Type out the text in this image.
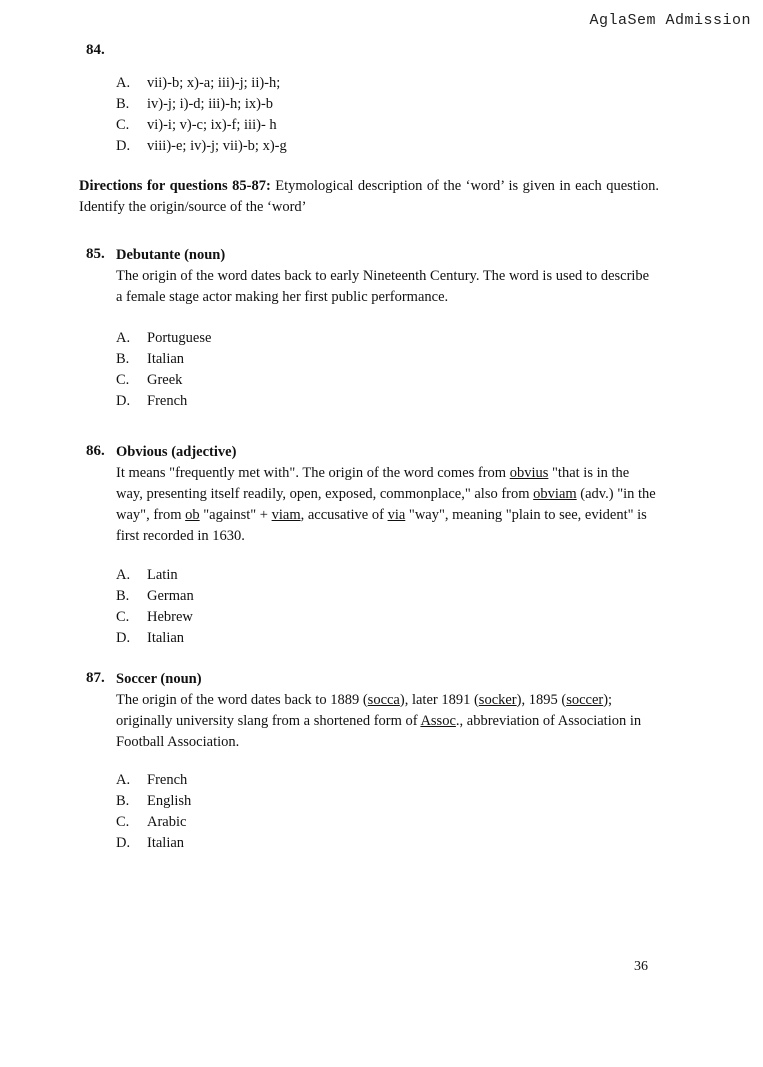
AglaSem Admission
84.
A. vii)-b; x)-a; iii)-j; ii)-h;
B. iv)-j; i)-d; iii)-h; ix)-b
C. vi)-i; v)-c; ix)-f; iii)- h
D. viii)-e; iv)-j; vii)-b; x)-g
Directions for questions 85-87: Etymological description of the ‘word’ is given in each question. Identify the origin/source of the ‘word’
85. Debutante (noun)
The origin of the word dates back to early Nineteenth Century. The word is used to describe a female stage actor making her first public performance.
A. Portuguese
B. Italian
C. Greek
D. French
86. Obvious (adjective)
It means "frequently met with". The origin of the word comes from obvius "that is in the way, presenting itself readily, open, exposed, commonplace," also from obviam (adv.) "in the way", from ob "against" + viam, accusative of via "way", meaning "plain to see, evident" is first recorded in 1630.
A. Latin
B. German
C. Hebrew
D. Italian
87. Soccer (noun)
The origin of the word dates back to 1889 (socca), later 1891 (socker), 1895 (soccer); originally university slang from a shortened form of Assoc., abbreviation of Association in Football Association.
A. French
B. English
C. Arabic
D. Italian
36
